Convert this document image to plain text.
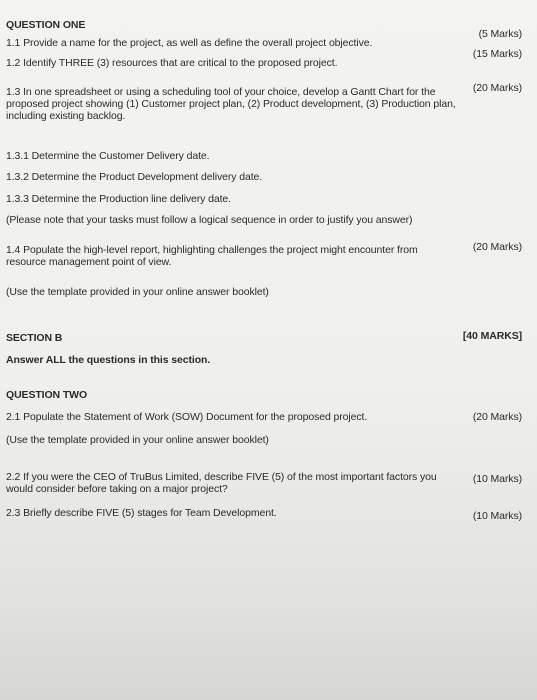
QUESTION ONE
1.1 Provide a name for the project, as well as define the overall project objective.
(5 Marks)
1.2 Identify THREE (3) resources that are critical to the proposed project.
(15 Marks)
1.3 In one spreadsheet or using a scheduling tool of your choice, develop a Gantt Chart for the proposed project showing (1) Customer project plan, (2) Product development, (3) Production plan, including existing backlog.
(20 Marks)
1.3.1 Determine the Customer Delivery date.
1.3.2 Determine the Product Development delivery date.
1.3.3 Determine the Production line delivery date.
(Please note that your tasks must follow a logical sequence in order to justify you answer)
1.4 Populate the high-level report, highlighting challenges the project might encounter from resource management point of view.
(20 Marks)
(Use the template provided in your online answer booklet)
SECTION B	[40 MARKS]
Answer ALL the questions in this section.
QUESTION TWO
2.1 Populate the Statement of Work (SOW) Document for the proposed project.	(20 Marks)
(Use the template provided in your online answer booklet)
2.2 If you were the CEO of TruBus Limited, describe FIVE (5) of the most important factors you would consider before taking on a major project?
(10 Marks)
2.3 Briefly describe FIVE (5) stages for Team Development.	(10 Marks)
